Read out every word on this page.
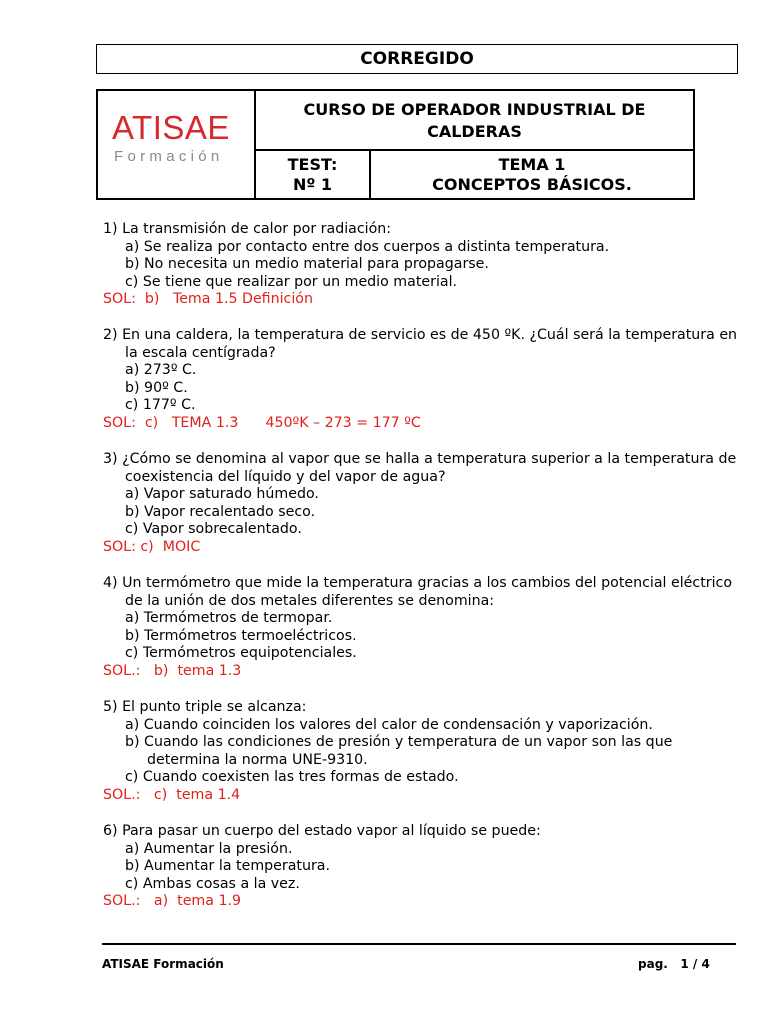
CORREGIDO
ATISAE
Formación
CURSO DE OPERADOR INDUSTRIAL DE
CALDERAS
TEST:
Nº 1
TEMA 1
CONCEPTOS BÁSICOS.
1) La transmisión de calor por radiación:
a) Se realiza por contacto entre dos cuerpos a distinta temperatura.
b) No necesita un medio material para propagarse.
c) Se tiene que realizar por un medio material.
SOL:  b)   Tema 1.5 Definición
2) En una caldera, la temperatura de servicio es de 450 ºK. ¿Cuál será la temperatura en la escala centígrada?
a) 273º C.
b) 90º C.
c) 177º C.
SOL:  c)   TEMA 1.3      450ºK – 273 = 177 ºC
3) ¿Cómo se denomina al vapor que se halla a temperatura superior a la temperatura de coexistencia del líquido y del vapor de agua?
a) Vapor saturado húmedo.
b) Vapor recalentado seco.
c) Vapor sobrecalentado.
SOL: c)  MOIC
4) Un termómetro que mide la temperatura gracias a los cambios del potencial eléctrico de la unión de dos metales diferentes se denomina:
a) Termómetros de termopar.
b) Termómetros termoeléctricos.
c) Termómetros equipotenciales.
SOL.:   b)  tema 1.3
5) El punto triple se alcanza:
a) Cuando coinciden los valores del calor de condensación y vaporización.
b) Cuando las condiciones de presión y temperatura de un vapor son las que determina la norma UNE-9310.
c) Cuando coexisten las tres formas de estado.
SOL.:   c)  tema 1.4
6) Para pasar un cuerpo del estado vapor al líquido se puede:
a) Aumentar la presión.
b) Aumentar la temperatura.
c) Ambas cosas a la vez.
SOL.:   a)  tema 1.9
ATISAE Formación	pag.   1 / 4
